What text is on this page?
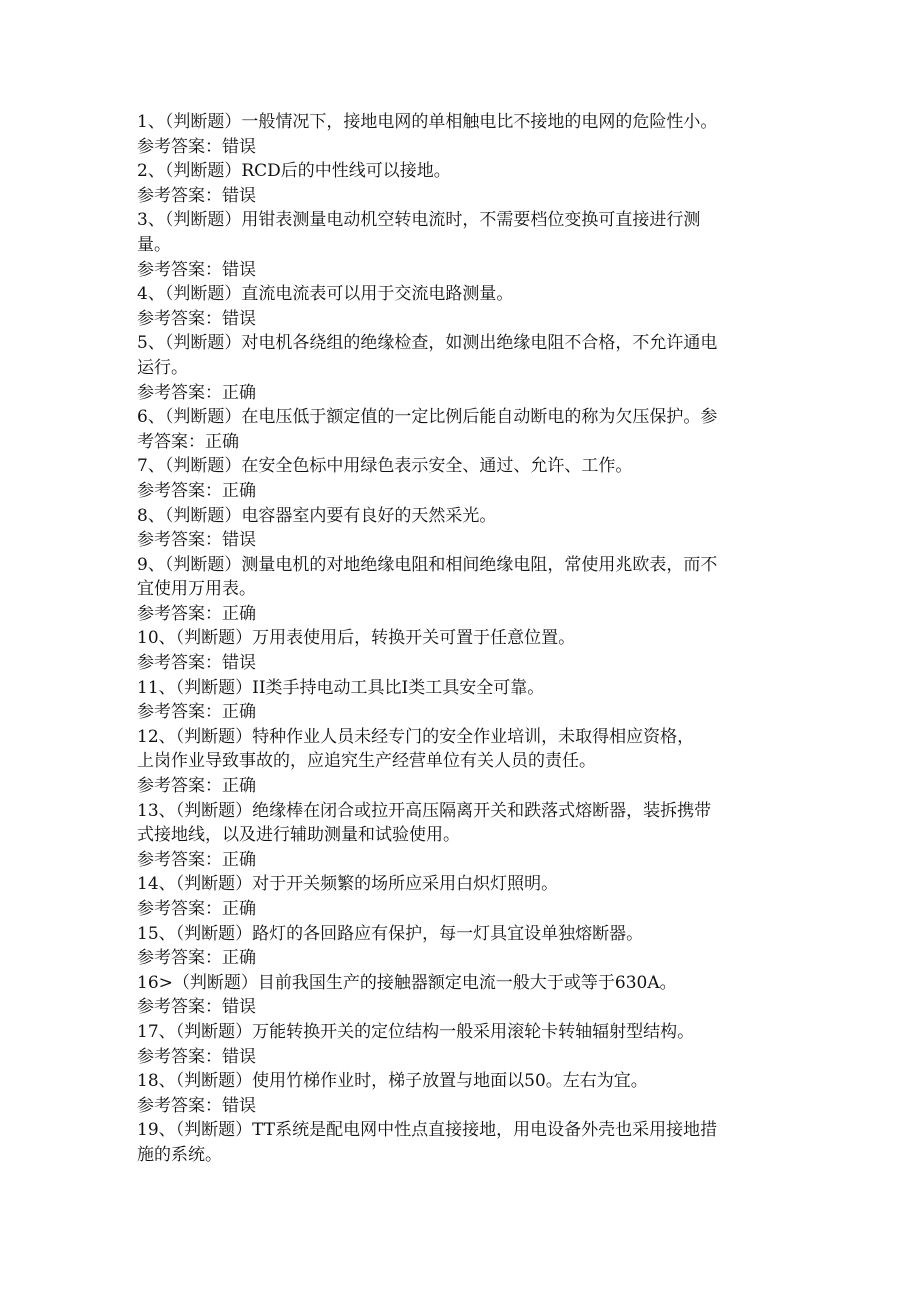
1、（判断题）一般情况下，接地电网的单相触电比不接地的电网的危险性小。
参考答案：错误
2、（判断题）RCD后的中性线可以接地。
参考答案：错误
3、（判断题）用钳表测量电动机空转电流时，不需要档位变换可直接进行测
量。
参考答案：错误
4、（判断题）直流电流表可以用于交流电路测量。
参考答案：错误
5、（判断题）对电机各绕组的绝缘检查，如测出绝缘电阻不合格，不允许通电
运行。
参考答案：正确
6、（判断题）在电压低于额定值的一定比例后能自动断电的称为欠压保护。参
考答案：正确
7、（判断题）在安全色标中用绿色表示安全、通过、允许、工作。
参考答案：正确
8、（判断题）电容器室内要有良好的天然采光。
参考答案：错误
9、（判断题）测量电机的对地绝缘电阻和相间绝缘电阻，常使用兆欧表，而不
宜使用万用表。
参考答案：正确
10、（判断题）万用表使用后，转换开关可置于任意位置。
参考答案：错误
11、（判断题）II类手持电动工具比I类工具安全可靠。
参考答案：正确
12、（判断题）特种作业人员未经专门的安全作业培训，未取得相应资格，
上岗作业导致事故的，应追究生产经营单位有关人员的责任。
参考答案：正确
13、（判断题）绝缘棒在闭合或拉开高压隔离开关和跌落式熔断器，装拆携带
式接地线，以及进行辅助测量和试验使用。
参考答案：正确
14、（判断题）对于开关频繁的场所应采用白炽灯照明。
参考答案：正确
15、（判断题）路灯的各回路应有保护，每一灯具宜设单独熔断器。
参考答案：正确
16>（判断题）目前我国生产的接触器额定电流一般大于或等于630A。
参考答案：错误
17、（判断题）万能转换开关的定位结构一般采用滚轮卡转轴辐射型结构。
参考答案：错误
18、（判断题）使用竹梯作业时，梯子放置与地面以50。左右为宜。
参考答案：错误
19、（判断题）TT系统是配电网中性点直接接地，用电设备外壳也采用接地措
施的系统。
